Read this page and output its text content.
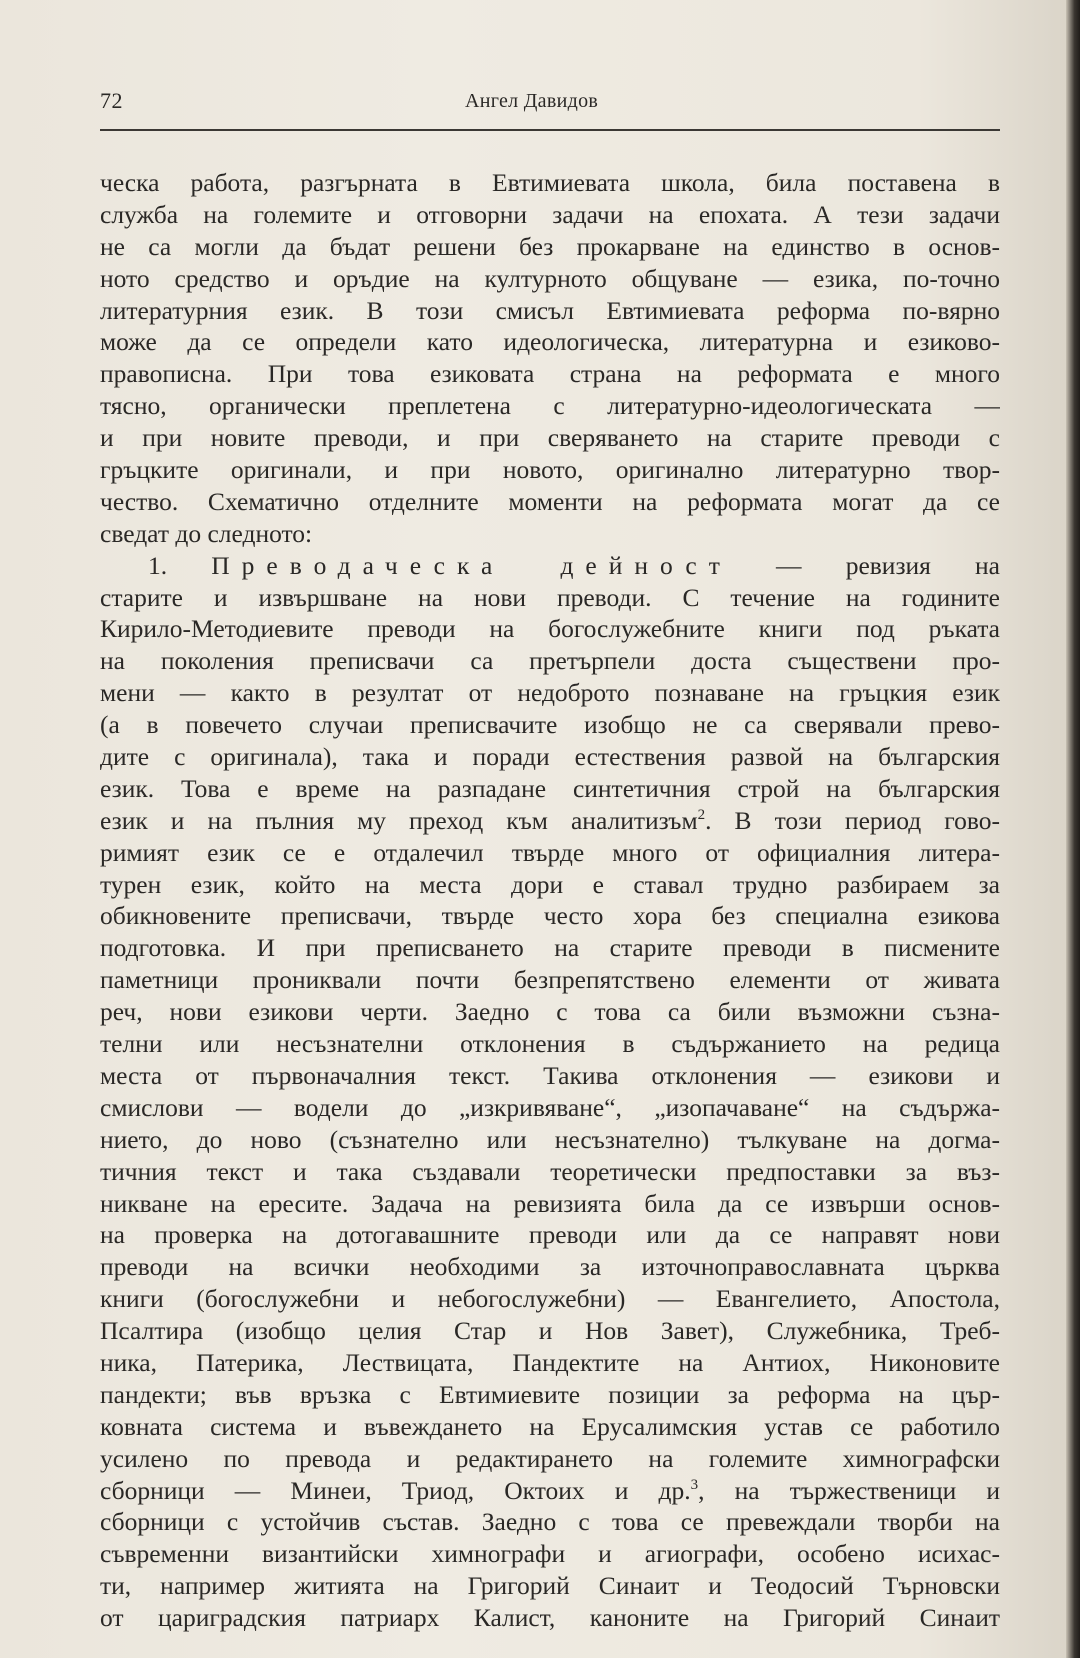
72	Ангел Давидов
ческа работа, разгърната в Евтимиевата школа, била поставена в
служба на големите и отговорни задачи на епохата. А тези задачи
не са могли да бъдат решени без прокарване на единство в основ-
ното средство и оръдие на културното общуване — езика, по-точно
литературния език. В този смисъл Евтимиевата реформа по-вярно
може да се определи като идеологическа, литературна и езиково-
правописна. При това езиковата страна на реформата е много
тясно, органически преплетена с литературно-идеологическата —
и при новите преводи, и при сверяването на старите преводи с
гръцките оригинали, и при новото, оригинално литературно твор-
чество. Схематично отделните моменти на реформата могат да се
сведат до следното:
1. Преводаческа дейност — ревизия на
старите и извършване на нови преводи. С течение на годините
Кирило-Методиевите преводи на богослужебните книги под ръката
на поколения преписвачи са претърпели доста съществени про-
мени — както в резултат от недоброто познаване на гръцкия език
(а в повечето случаи преписвачите изобщо не са сверявали прево-
дите с оригинала), така и поради естествения развой на българския
език. Това е време на разпадане синтетичния строй на българския
език и на пълния му преход към аналитизъм$^2$. В този период гово-
римият език се е отдалечил твърде много от официалния литера-
турен език, който на места дори е ставал трудно разбираем за
обикновените преписвачи, твърде често хора без специална езикова
подготовка. И при преписването на старите преводи в писмените
паметници прониквали почти безпрепятствено елементи от живата
реч, нови езикови черти. Заедно с това са били възможни съзна-
телни или несъзнателни отклонения в съдържанието на редица
места от първоначалния текст. Такива отклонения — езикови и
смислови — водели до „изкривяване“, „изопачаване“ на съдържа-
нието, до ново (съзнателно или несъзнателно) тълкуване на догма-
тичния текст и така създавали теоретически предпоставки за въз-
никване на ересите. Задача на ревизията била да се извърши основ-
на проверка на дотогавашните преводи или да се направят нови
преводи на всички необходими за източноправославната църква
книги (богослужебни и небогослужебни) — Евангелието, Апостола,
Псалтира (изобщо целия Стар и Нов Завет), Служебника, Треб-
ника, Патерика, Лествицата, Пандектите на Антиох, Никоновите
пандекти; във връзка с Евтимиевите позиции за реформа на цър-
ковната система и въвеждането на Ерусалимския устав се работило
усилено по превода и редактирането на големите химнографски
сборници — Минеи, Триод, Октоих и др.$^3$, на тържественици и
сборници с устойчив състав. Заедно с това се превеждали творби на
съвременни византийски химнографи и агиографи, особено исихас-
ти, например житията на Григорий Синаит и Теодосий Търновски
от цариградския патриарх Калист, каноните на Григорий Синаит
